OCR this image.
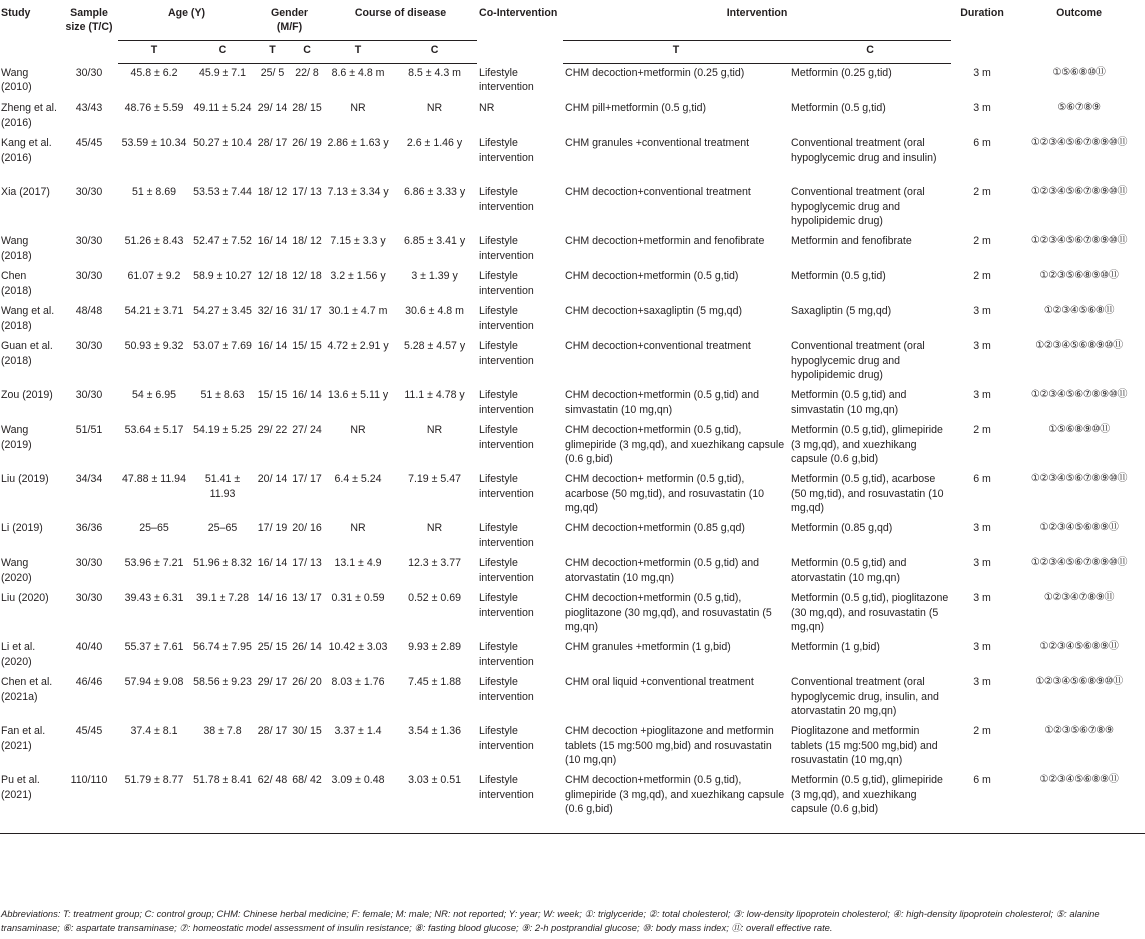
Study	Sample size (T/C)	Age (Y)		Gender (M/F)		Course of disease		Co-Intervention	Intervention		Duration	Outcome
		T	C	T	C	T	C		T	C		
Wang (2010)	30/30	45.8 ± 6.2	45.9 ± 7.1	25/ 5	22/ 8	8.6 ± 4.8 m	8.5 ± 4.3 m	Lifestyle intervention	CHM decoction+metformin (0.25 g,tid)	Metformin (0.25 g,tid)	3 m	①⑤⑥⑧⑩⑪
Zheng et al. (2016)	43/43	48.76 ± 5.59	49.11 ± 5.24	29/ 14	28/ 15	NR	NR	NR	CHM pill+metformin (0.5 g,tid)	Metformin (0.5 g,tid)	3 m	⑤⑥⑦⑧⑨
Kang et al. (2016)	45/45	53.59 ± 10.34	50.27 ± 10.4	28/ 17	26/ 19	2.86 ± 1.63 y	2.6 ± 1.46 y	Lifestyle intervention	CHM granules +conventional treatment	Conventional treatment (oral hypoglycemic drug and insulin)	6 m	①②③④⑤⑥⑦⑧⑨⑩⑪
Xia (2017)	30/30	51 ± 8.69	53.53 ± 7.44	18/ 12	17/ 13	7.13 ± 3.34 y	6.86 ± 3.33 y	Lifestyle intervention	CHM decoction+conventional treatment	Conventional treatment (oral hypoglycemic drug and hypolipidemic drug)	2 m	①②③④⑤⑥⑦⑧⑨⑩⑪
Wang (2018)	30/30	51.26 ± 8.43	52.47 ± 7.52	16/ 14	18/ 12	7.15 ± 3.3 y	6.85 ± 3.41 y	Lifestyle intervention	CHM decoction+metformin and fenofibrate	Metformin and fenofibrate	2 m	①②③④⑤⑥⑦⑧⑨⑩⑪
Chen (2018)	30/30	61.07 ± 9.2	58.9 ± 10.27	12/ 18	12/ 18	3.2 ± 1.56 y	3 ± 1.39 y	Lifestyle intervention	CHM decoction+metformin (0.5 g,tid)	Metformin (0.5 g,tid)	2 m	①②③⑤⑥⑧⑨⑩⑪
Wang et al. (2018)	48/48	54.21 ± 3.71	54.27 ± 3.45	32/ 16	31/ 17	30.1 ± 4.7 m	30.6 ± 4.8 m	Lifestyle intervention	CHM decoction+saxagliptin (5 mg,qd)	Saxagliptin (5 mg,qd)	3 m	①②③④⑤⑥⑧⑪
Guan et al. (2018)	30/30	50.93 ± 9.32	53.07 ± 7.69	16/ 14	15/ 15	4.72 ± 2.91 y	5.28 ± 4.57 y	Lifestyle intervention	CHM decoction+conventional treatment	Conventional treatment (oral hypoglycemic drug and hypolipidemic drug)	3 m	①②③④⑤⑥⑧⑨⑩⑪
Zou (2019)	30/30	54 ± 6.95	51 ± 8.63	15/ 15	16/ 14	13.6 ± 5.11 y	11.1 ± 4.78 y	Lifestyle intervention	CHM decoction+metformin (0.5 g,tid) and simvastatin (10 mg,qn)	Metformin (0.5 g,tid) and simvastatin (10 mg,qn)	3 m	①②③④⑤⑥⑦⑧⑨⑩⑪
Wang (2019)	51/51	53.64 ± 5.17	54.19 ± 5.25	29/ 22	27/ 24	NR	NR	Lifestyle intervention	CHM decoction+metformin (0.5 g,tid), glimepiride (3 mg,qd), and xuezhikang capsule (0.6 g,bid)	Metformin (0.5 g,tid), glimepiride (3 mg,qd), and xuezhikang capsule (0.6 g,bid)	2 m	①⑤⑥⑧⑨⑩⑪
Liu (2019)	34/34	47.88 ± 11.94	51.41 ± 11.93	20/ 14	17/ 17	6.4 ± 5.24	7.19 ± 5.47	Lifestyle intervention	CHM decoction+ metformin (0.5 g,tid), acarbose (50 mg,tid), and rosuvastatin (10 mg,qd)	Metformin (0.5 g,tid), acarbose (50 mg,tid), and rosuvastatin (10 mg,qd)	6 m	①②③④⑤⑥⑦⑧⑨⑩⑪
Li (2019)	36/36	25–65	25–65	17/ 19	20/ 16	NR	NR	Lifestyle intervention	CHM decoction+metformin (0.85 g,qd)	Metformin (0.85 g,qd)	3 m	①②③④⑤⑥⑧⑨⑪
Wang (2020)	30/30	53.96 ± 7.21	51.96 ± 8.32	16/ 14	17/ 13	13.1 ± 4.9	12.3 ± 3.77	Lifestyle intervention	CHM decoction+metformin (0.5 g,tid) and atorvastatin (10 mg,qn)	Metformin (0.5 g,tid) and atorvastatin (10 mg,qn)	3 m	①②③④⑤⑥⑦⑧⑨⑩⑪
Liu (2020)	30/30	39.43 ± 6.31	39.1 ± 7.28	14/ 16	13/ 17	0.31 ± 0.59	0.52 ± 0.69	Lifestyle intervention	CHM decoction+metformin (0.5 g,tid), pioglitazone (30 mg,qd), and rosuvastatin (5 mg,qn)	Metformin (0.5 g,tid), pioglitazone (30 mg,qd), and rosuvastatin (5 mg,qn)	3 m	①②③④⑦⑧⑨⑪
Li et al. (2020)	40/40	55.37 ± 7.61	56.74 ± 7.95	25/ 15	26/ 14	10.42 ± 3.03	9.93 ± 2.89	Lifestyle intervention	CHM granules +metformin (1 g,bid)	Metformin (1 g,bid)	3 m	①②③④⑤⑥⑧⑨⑪
Chen et al. (2021a)	46/46	57.94 ± 9.08	58.56 ± 9.23	29/ 17	26/ 20	8.03 ± 1.76	7.45 ± 1.88	Lifestyle intervention	CHM oral liquid +conventional treatment	Conventional treatment (oral hypoglycemic drug, insulin, and atorvastatin 20 mg,qn)	3 m	①②③④⑤⑥⑧⑨⑩⑪
Fan et al. (2021)	45/45	37.4 ± 8.1	38 ± 7.8	28/ 17	30/ 15	3.37 ± 1.4	3.54 ± 1.36	Lifestyle intervention	CHM decoction +pioglitazone and metformin tablets (15 mg:500 mg,bid) and rosuvastatin (10 mg,qn)	Pioglitazone and metformin tablets (15 mg:500 mg,bid) and rosuvastatin (10 mg,qn)	2 m	①②③⑤⑥⑦⑧⑨
Pu et al. (2021)	110/110	51.79 ± 8.77	51.78 ± 8.41	62/ 48	68/ 42	3.09 ± 0.48	3.03 ± 0.51	Lifestyle intervention	CHM decoction+metformin (0.5 g,tid), glimepiride (3 mg,qd), and xuezhikang capsule (0.6 g,bid)	Metformin (0.5 g,tid), glimepiride (3 mg,qd), and xuezhikang capsule (0.6 g,bid)	6 m	①②③④⑤⑥⑧⑨⑪
Abbreviations: T: treatment group; C: control group; CHM: Chinese herbal medicine; F: female; M: male; NR: not reported; Y: year; W: week; ①: triglyceride; ②: total cholesterol; ③: low-density lipoprotein cholesterol; ④: high-density lipoprotein cholesterol; ⑤: alanine transaminase; ⑥: aspartate transaminase; ⑦: homeostatic model assessment of insulin resistance; ⑧: fasting blood glucose; ⑨: 2-h postprandial glucose; ⑩: body mass index; ⑪: overall effective rate.
